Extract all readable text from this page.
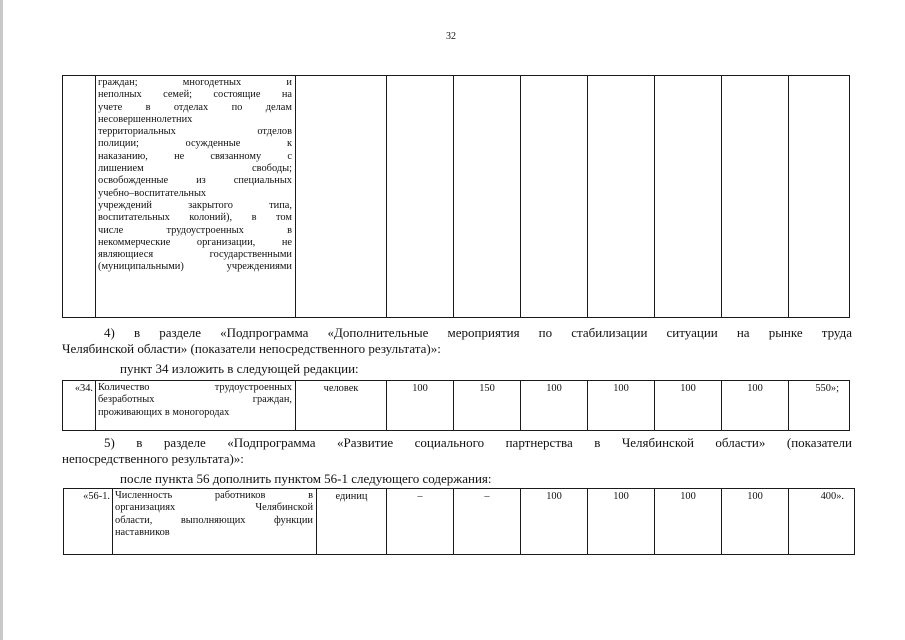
32

граждан; многодетных и
неполных семей; состоящие на
учете в отделах по делам
несовершеннолетних
территориальных отделов
полиции; осужденные к
наказанию, не связанному с
лишением свободы;
освобожденные из специальных
учебно–воспитательных
учреждений закрытого типа,
воспитательных колоний), в том
числе трудоустроенных в
некоммерческие организации, не
являющиеся государственными
(муниципальными) учреждениями

4) в разделе «Подпрограмма «Дополнительные мероприятия по стабилизации ситуации на рынке труда
Челябинской области» (показатели непосредственного результата)»:
пункт 34 изложить в следующей редакции:
«34.	Количество трудоустроенных
безработных граждан,
проживающих в моногородах
	человек	100	150	100	100	100	100	550»;
5) в разделе «Подпрограмма «Развитие социального партнерства в Челябинской области» (показатели
непосредственного результата)»:
после пункта 56 дополнить пунктом 56-1 следующего содержания:
«56-1.	Численность работников в
организациях Челябинской
области, выполняющих функции
наставников
	единиц	–	–	100	100	100	100	400».
